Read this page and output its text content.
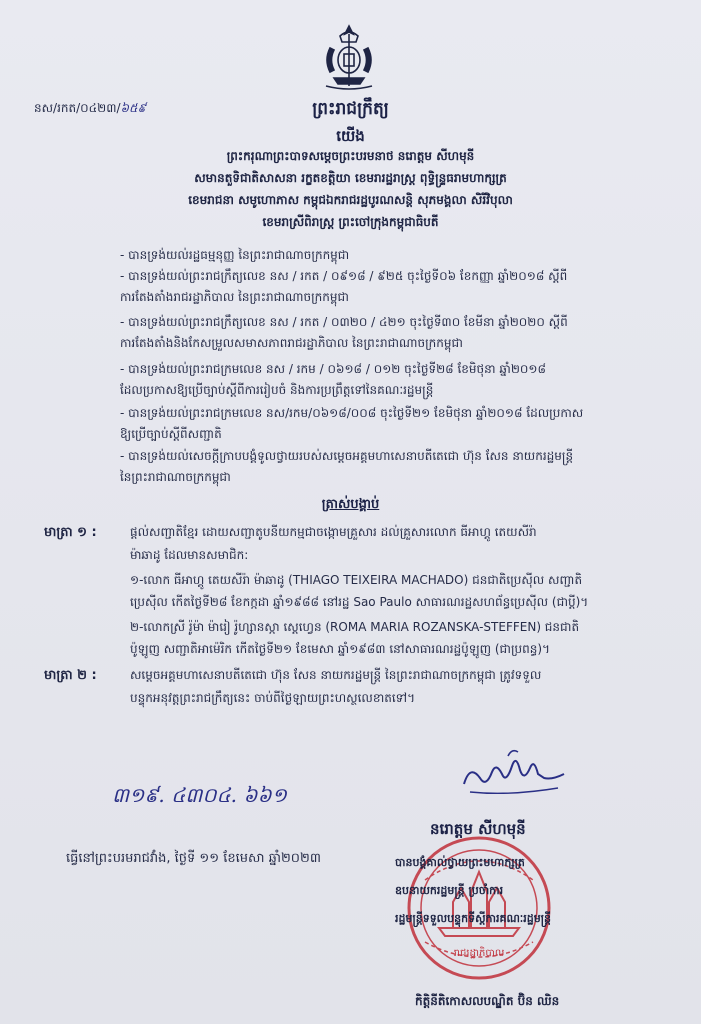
នស/រកត/០៤២៣/៦៥៩	ព្រះរាជក្រឹត្យ
យើង
ព្រះករុណាព្រះបាទសម្តេចព្រះបរមនាថ នរោត្តម សីហមុនី
សមានតួទិជាតិសាសនា រក្ខតខត្តិយា ខេមរារដ្ឋរាស្ត្រ ពុទ្ធិន្ទ្រធរាមហាក្សត្រ
ខេមរាជនា សមូហោភាស កម្ពុជឯករាជរដ្ឋបូរណសន្តិ សុភមង្គលា សិរីវិបុលា
ខេមរាស្រីពិរាស្ត្រ ព្រះចៅក្រុងកម្ពុជាធិបតី
- បានទ្រង់យល់រដ្ឋធម្មនុញ្ញ នៃព្រះរាជាណាចក្រកម្ពុជា
- បានទ្រង់យល់ព្រះរាជក្រឹត្យលេខ នស / រកត / ០៩១៨ / ៩២៥ ចុះថ្ងៃទី០៦ ខែកញ្ញា ឆ្នាំ២០១៨ ស្តីពី
ការតែងតាំងរាជរដ្ឋាភិបាល នៃព្រះរាជាណាចក្រកម្ពុជា
- បានទ្រង់យល់ព្រះរាជក្រឹត្យលេខ នស / រកត / ០៣២០ / ៤២១ ចុះថ្ងៃទី៣០ ខែមីនា ឆ្នាំ២០២០ ស្តីពី
ការតែងតាំងនិងកែសម្រួលសមាសភាពរាជរដ្ឋាភិបាល នៃព្រះរាជាណាចក្រកម្ពុជា
- បានទ្រង់យល់ព្រះរាជក្រមលេខ នស / រកម / ០៦១៨ / ០១២ ចុះថ្ងៃទី២៨ ខែមិថុនា ឆ្នាំ២០១៨
ដែលប្រកាសឱ្យប្រើច្បាប់ស្តីពីការរៀបចំ និងការប្រព្រឹត្តទៅនៃគណៈរដ្ឋមន្ត្រី
- បានទ្រង់យល់ព្រះរាជក្រមលេខ នស/រកម/០៦១៨/០០៨ ចុះថ្ងៃទី២១ ខែមិថុនា ឆ្នាំ២០១៨ ដែលប្រកាស
ឱ្យប្រើច្បាប់ស្តីពីសញ្ជាតិ
- បានទ្រង់យល់សេចក្តីក្រាបបង្គំទូលថ្វាយរបស់សម្តេចអគ្គមហាសេនាបតីតេជោ ហ៊ុន សែន នាយករដ្ឋមន្ត្រី
នៃព្រះរាជាណាចក្រកម្ពុជា
ត្រាស់បង្គាប់
មាត្រា ១ :	ផ្តល់សញ្ជាតិខ្មែរ ដោយសញ្ជាតូបនីយកម្មជាចង្កោមគ្រួសារ ដល់គ្រួសារលោក ធីអាហ្គូ តេយសីរ៉ា
ម៉ាឆាដូ ដែលមានសមាជិក:
១-លោក ធីអាហ្គូ តេយសីរ៉ា ម៉ាឆាដូ (THIAGO TEIXEIRA MACHADO) ជនជាតិប្រេស៊ីល សញ្ជាតិ
ប្រេស៊ីល កើតថ្ងៃទី២៨ ខែកក្កដា ឆ្នាំ១៩៨៨ នៅរដ្ឋ Sao Paulo សាធារណរដ្ឋសហព័ន្ធប្រេស៊ីល (ជាប្តី)។
២-លោកស្រី រ៉ូម៉ា ម៉ារៀ រ៉ូហ្សានស្កា ស្តេហ្វេន (ROMA MARIA ROZANSKA-STEFFEN) ជនជាតិ
ប៉ូឡូញ សញ្ជាតិអាម៉េរិក កើតថ្ងៃទី២១ ខែមេសា ឆ្នាំ១៩៨៣ នៅសាធារណរដ្ឋប៉ូឡូញ (ជាប្រពន្ធ)។
មាត្រា ២ :	សម្តេចអគ្គមហាសេនាបតីតេជោ ហ៊ុន សែន នាយករដ្ឋមន្ត្រី នៃព្រះរាជាណាចក្រកម្ពុជា ត្រូវទទួល
បន្ទុកអនុវត្តព្រះរាជក្រឹត្យនេះ ចាប់ពីថ្ងៃឡាយព្រះហស្ថលេខាតទៅ។
៣១៩. ៤៣០៤. ៦៦១
នរោត្តម សីហមុនី
ធ្វើនៅព្រះបរមរាជវាំង, ថ្ងៃទី ១១ ខែមេសា ឆ្នាំ២០២៣
រាជរដ្ឋាភិបាល
បានបង្គំគាល់ថ្វាយព្រះមហាក្សត្រ
ឧបនាយករដ្ឋមន្ត្រី ប្រចាំការ
រដ្ឋមន្ត្រីទទួលបន្ទុកទីស្តីការគណៈរដ្ឋមន្ត្រី
កិត្តិនីតិកោសលបណ្ឌិត ប៊ិន ឈិន
